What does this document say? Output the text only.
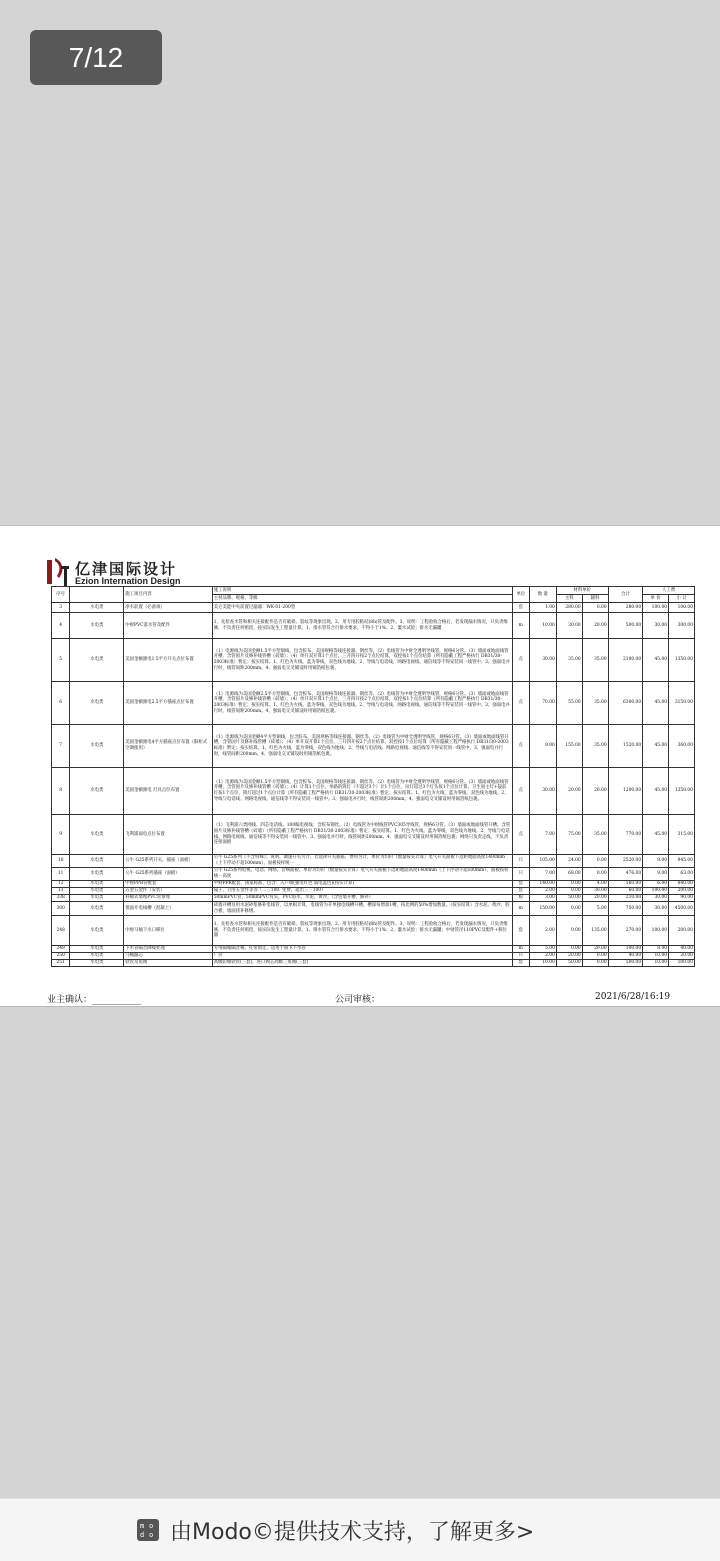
7/12
亿津国际设计
Ezion Internation Design
序号		施工项目内容	施工说明	单位	数 量	材料单价		合计	人工费	
			主材品牌、规格、等级			主料	辅料		单 价	小 计
3	水电类	净水前置（必备项）	美仑美能中央前置过滤器：WK-01-200型	套	1.00	280.00	0.00	280.00	100.00	100.00
4	水电类	中财PVC落水管及配件	1、先检查水管和相关连接配件是否有破损、裂纹等现象出现。2、用专用胶粘结(8h)管及配件。3、说明：工程验收合格后，若发现漏水情况，只负责维修，不负责任何赔偿，按实际发生工程量计算。1、排水管符合行排水要求，不得小于1%；2、灌水试验；排水无漏罐	m	10.00	30.00	20.00	500.00	30.00	300.00
5	水电类	美国金额源电1.5平方开关点位布置	（1）电源线为美国金额1.5平方型铜线，包含胶布、美国规格等线连接器、钢丝等。（2）电线管为中财全透明导线管，规格6分管。（3）墙面或地面线管开槽，含管固片及修补线管槽（砖墙）；（4）单开双开算1个点位，三开四开按2个点位结算，双控按1个点位结算（所有隐蔽工程严格执行 DB31/30-2003标准）暂定；按实结算。1、红色为火线，蓝为零线，双色线为地线。2、导线与电话线、网路电视线、通信线等不得安装同一线管中。3、强弱电并行时，线管间距200mm。4、强弱电交叉铺设时用锡箔纸包裹。	点	30.00	35.00	35.00	2100.00	45.00	1350.00
6	水电类	美国金额源电2.5平方插座点位布置	（1）电源线为美国金额2.5平方型铜线，包含胶布、美国规格等线连接器、钢丝等。（2）电线管为中财全透明导线管，规格6分管。（3）墙面或地面线管开槽，含管固片及修补线管槽（砖墙）；（4）单开双开算1个点位，三开四开按2个点位结算，双控按1个点位结算（所有隐蔽工程严格执行 DB31/30-2003标准）暂定；按实结算。1、红色为火线，蓝为零线，双色线为地线。2、导线与电话线、网路电视线、通信线等不得安装同一线管中。3、强弱电并行时，线管间距200mm。4、强弱电交叉铺设时用锡箔纸包裹。	点	70.00	55.00	35.00	6300.00	45.00	3150.00
7	水电类	美国金额源电4平方插座点位布置（限柜式空调使用）	（1）电源线为美国金额4平方型铜线，包含胶布、美国规格等线连接器、钢丝等。（2）电线管为中财全透明导线管，规格6分管。（3）墙面或地面线管开槽，含管固片及修补线管槽（砖墙）；（4）单开双开算1个点位，三开四开按2个点位结算，双控按1个点位结算（所有隐蔽工程严格执行 DB31/30-2003标准）暂定；按实结算。1、红色为火线，蓝为零线，双色线为地线。2、导线与电话线、网路电视线、通信线等不得安装同一线管中。3、强弱电并行时，线管间距200mm。4、强弱电交叉铺设时用锡箔纸包裹。	点	8.00	155.00	35.00	1520.00	45.00	360.00
8	水电类	美国金额源电 灯具点位布置	（1）电源线为美国金额1.5平方型铜线，包含胶布、美国规格等线连接器、钢丝等。（2）电线管为中财全透明导线管，规格6分管。（3）墙面或地面线管开槽，含管固片及修补线管槽（砖墙）；（4）计算1个点位，单路的筒灯（不超过3个）计1个点位，吊灯超过3个灯头按1个点位计算。卫生间主灯+镜前灯按1个点位，筒灯超过1个点位计算（所有隐蔽工程严格执行 DB31/30-2003标准）暂定；按实结算。1、红色为火线，蓝为零线，双色线为地线。2、导线与电话线、网路电视线、通信线等不得安装同一线管中。3、强弱电并行时，线管间距200mm。4、强弱电交叉铺设时用锡箔纸包裹。	点	30.00	20.00	20.00	1200.00	45.00	1350.00
9	水电类	飞利浦弱电点位布置	（1）飞利浦六类网线、四芯电话线、100编电视线；含胶布钢丝。（2）电线管为中财线管PVC305导线管，规格6分管。（3）墙面或地面线管开槽，含管固片及修补线管槽（砖墙）（所有隐蔽工程严格执行 DB31/30-2003标准）暂定；按实结算。1、红色为火线，蓝为零线，双色线为地线。2、导线与电话线、网路电视线、通信线等不得安装同一线管中。3、强弱电并行时，线管间距200mm。4、强弱电交叉铺设时用锡箔纸包裹；网络只负责走线，不负责连接面板	点	7.00	75.00	35.00	770.00	45.00	315.00
10	水电类	公牛 G25系列开关、插座（面板）	公牛 G25系列（不含特殊）；说明、调速开关另计，若选择开关插座，费用另计，单价为均价（数量按实计算）电气开关面板下边距地面高度1400mm（上下浮动不超100mm），面板按样统一	只	105.00	24.00	0.00	2520.00	9.00	945.00
11	水电类	公牛 G25系列插座（面板）	公牛 G25系列电视、电话、网络、音响面板。单价为均价（数量按实计算）电气开关面板下边距地面高度1400mm（上下浮动不超100mm），面板按样统一高度	只	7.00	68.00	0.00	476.00	9.00	63.00
12	水电类	中财PPR管配套	中财PPR配套，国家标准，包含：入户端(强电红色 弱电蓝色)(按实计算)	套	140.00	0.00	4.00	560.00	6.00	840.00
13	水电类	五金五金件（安装）	镜子、卫浴五金件等等（二三100. 免费，超出三三100）	套	2.00	0.00	30.00	60.00	100.00	200.00
338	水电类	科顿式墙埋PVC管预埋	50mmPVC管，50mmPVC弯头，PVC胶水，水泥，黄沙。（含包墙开槽、修补）	根	3.00	50.00	20.00	210.00	30.00	90.00
300	水电类	墙面开电线槽（混凝土）	砖墙开槽及用水泥砂浆修补电线管，以单根计算，电线管为开单独电线槽开槽，槽深每增加1槽，按比例的50%增加数量。（按实结算）含水泥、黄沙、胶合板，墙面找补修缮。	m	150.00	0.00	5.00	750.00	30.00	4500.00
248	水电类	中财马桶下水口移位	1、先检查水管和相关连接配件是否有破损、裂纹等现象出现。2、用专用胶粘结(8h)管及配件。3、说明：工程验收合格后，若发现漏水情况，只负责维修，不负责任何赔偿，按实际发生工程量计算。1、排水管符合行排水要求，不得小于1%；2、灌水试验；排水无漏罐；中财管径110PVC及配件+移位器	套	2.00	0.00	135.00	270.00	100.00	200.00
249	水电类	下水管隔音降噪处理	专用隔噪隔音棉，扎带固定。适用于厨卫下水管	m	5.00	0.00	20.00	100.00	8.00	40.00
250	水电类	马桶滤芯	厂价	只	2.00	20.00	0.00	40.00	10.00	20.00
251	水电类	软管及角阀	高级防爆软管(三套)，进口阀芯高级三角阀(三套)	套	10.00	50.00	0.00	500.00	10.00	100.00
业主确认：___________	公司审核：	2021/6/28/16:19
m o
d o 由Modo©提供技术支持，了解更多>
